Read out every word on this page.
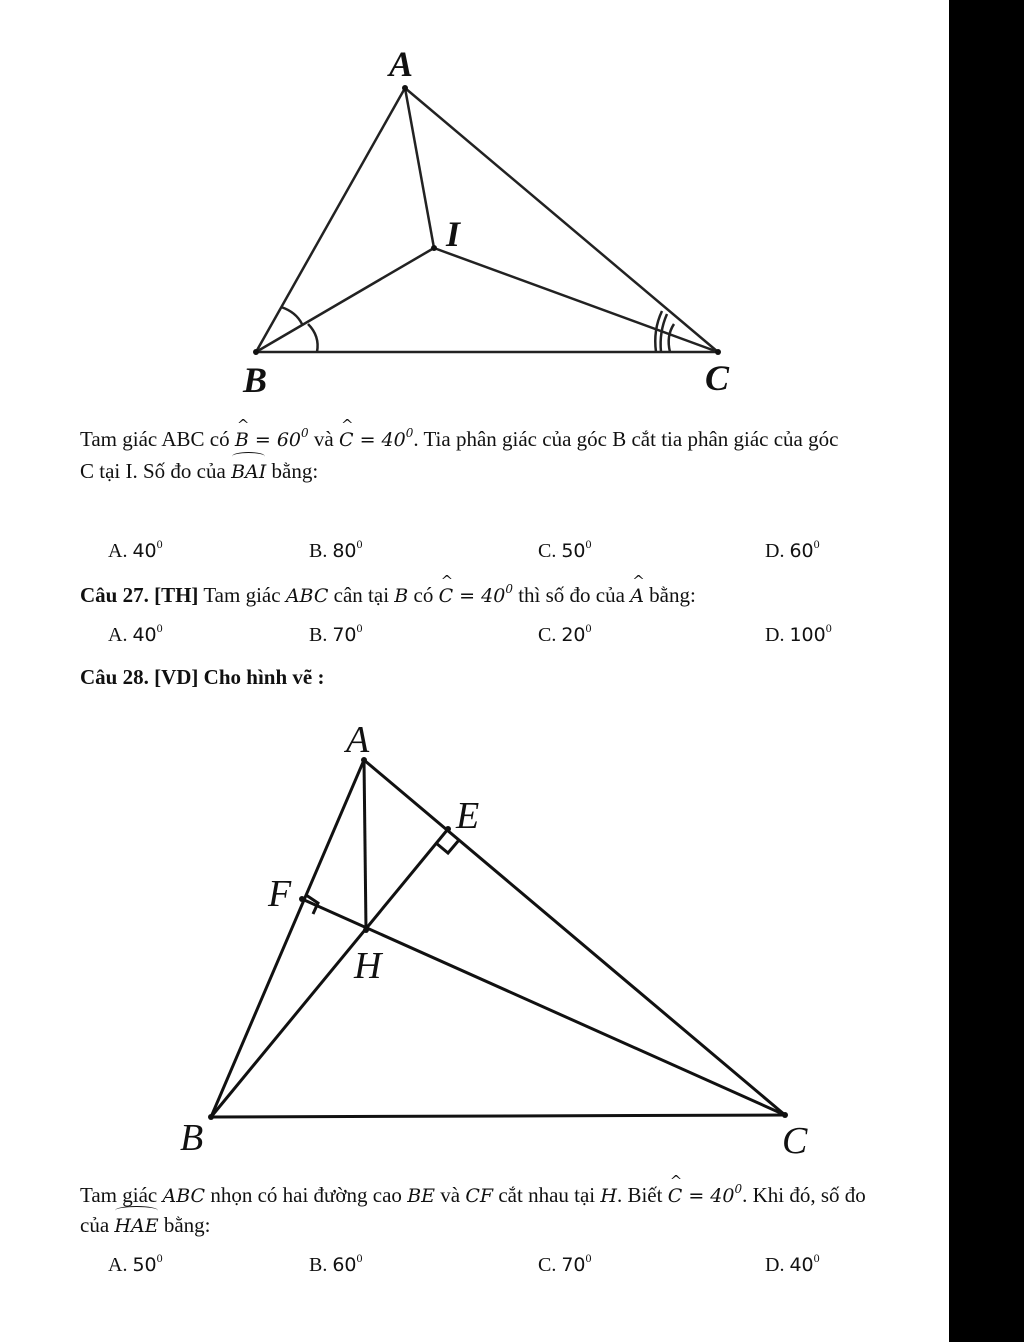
A
I
B	C
Tam giác ABC có ^ $B = 60^0$ và ^ $C = 40^0$. Tia phân giác của góc B cắt tia phân giác của góc
C tại I. Số đo của BAI bằng:
A. $40^0$	B. $80^0$	C. $50^0$	D. $60^0$
Câu 27. [TH] Tam giác ABC cân tại B có ^ $C = 40^0$ thì số đo của ^ A bằng:
A. $40^0$	B. $70^0$	C. $20^0$	D. $100^0$
Câu 28. [VD] Cho hình vẽ :
A
E
F
H
B	C
Tam giác ABC nhọn có hai đường cao BE và CF cắt nhau tại H. Biết ^ $C = 40^0$. Khi đó, số đo
của HAE bằng:
A. $50^0$	B. $60^0$	C. $70^0$	D. $40^0$
